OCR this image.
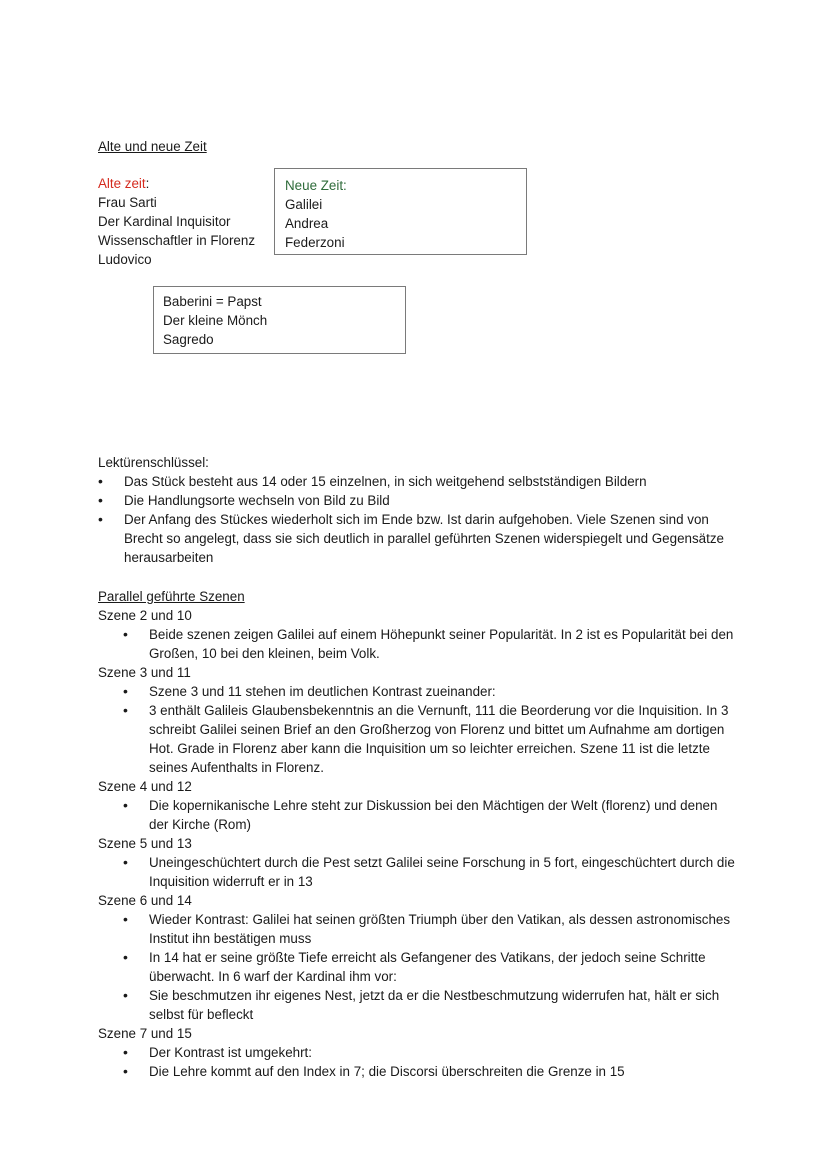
Alte und neue Zeit
Alte zeit:
Frau Sarti
Der Kardinal Inquisitor
Wissenschaftler in Florenz
Ludovico
Neue Zeit:
Galilei
Andrea
Federzoni
Baberini = Papst
Der kleine Mönch
Sagredo
Lektürenschlüssel:
• Das Stück besteht aus 14 oder 15 einzelnen, in sich weitgehend selbstständigen Bildern
• Die Handlungsorte wechseln von Bild zu Bild
• Der Anfang des Stückes wiederholt sich im Ende bzw. Ist darin aufgehoben. Viele Szenen sind von Brecht so angelegt, dass sie sich deutlich in parallel geführten Szenen widerspiegelt und Gegensätze herausarbeiten
Parallel geführte Szenen
Szene 2 und 10
• Beide szenen zeigen Galilei auf einem Höhepunkt seiner Popularität. In 2 ist es Popularität bei den Großen, 10 bei den kleinen, beim Volk.
Szene 3 und 11
• Szene 3 und 11 stehen im deutlichen Kontrast zueinander:
• 3 enthält Galileis Glaubensbekenntnis an die Vernunft, 111 die Beorderung vor die Inquisition. In 3 schreibt Galilei seinen Brief an den Großherzog von Florenz und bittet um Aufnahme am dortigen Hot. Grade in Florenz aber kann die Inquisition um so leichter erreichen. Szene 11 ist die letzte seines Aufenthalts in Florenz.
Szene 4 und 12
• Die kopernikanische Lehre steht zur Diskussion bei den Mächtigen der Welt (florenz) und denen der Kirche (Rom)
Szene 5 und 13
• Uneingeschüchtert durch die Pest setzt Galilei seine Forschung in 5 fort, eingeschüchtert durch die Inquisition widerruft er in 13
Szene 6 und 14
• Wieder Kontrast: Galilei hat seinen größten Triumph über den Vatikan, als dessen astronomisches Institut ihn bestätigen muss
• In 14 hat er seine größte Tiefe erreicht als Gefangener des Vatikans, der jedoch seine Schritte überwacht. In 6 warf der Kardinal ihm vor:
• Sie beschmutzen ihr eigenes Nest, jetzt da er die Nestbeschmutzung widerrufen hat, hält er sich selbst für befleckt
Szene 7 und 15
• Der Kontrast ist umgekehrt:
• Die Lehre kommt auf den Index in 7; die Discorsi überschreiten die Grenze in 15
